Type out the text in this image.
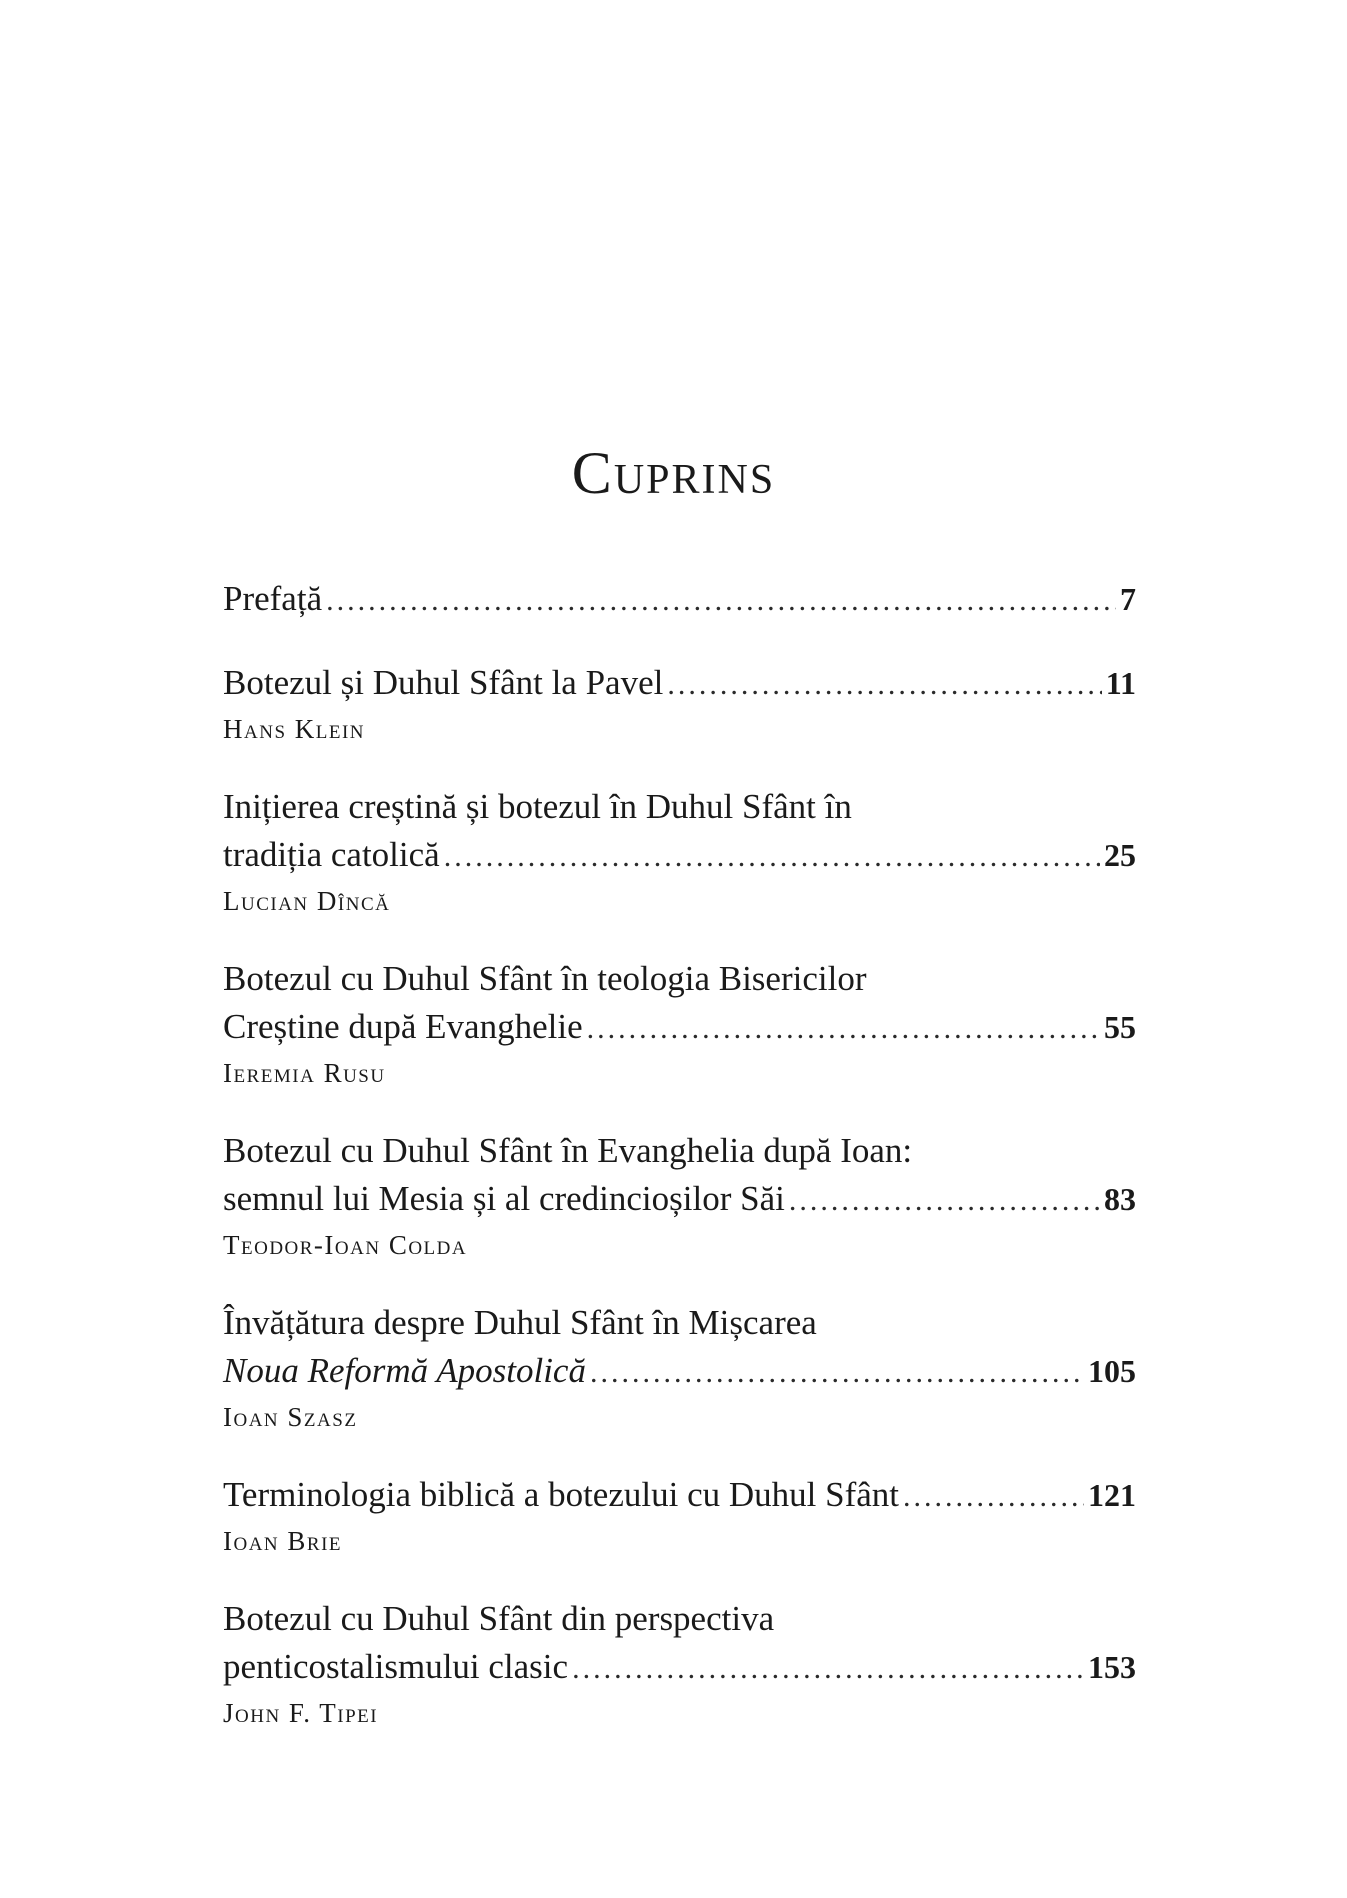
Cuprins
Prefață .....	7
Botezul și Duhul Sfânt la Pavel .....	11
Hans Klein
Inițierea creștină și botezul în Duhul Sfânt în
tradiția catolică .....	25
Lucian Dîncă
Botezul cu Duhul Sfânt în teologia Bisericilor
Creștine după Evanghelie .....	55
Ieremia Rusu
Botezul cu Duhul Sfânt în Evanghelia după Ioan:
semnul lui Mesia și al credincioșilor Săi .....	83
Teodor-Ioan Colda
Învățătura despre Duhul Sfânt în Mișcarea
Noua Reformă Apostolică .....	105
Ioan Szasz
Terminologia biblică a botezului cu Duhul Sfânt .....	121
Ioan Brie
Botezul cu Duhul Sfânt din perspectiva
penticostalismului clasic .....	153
John F. Tipei
